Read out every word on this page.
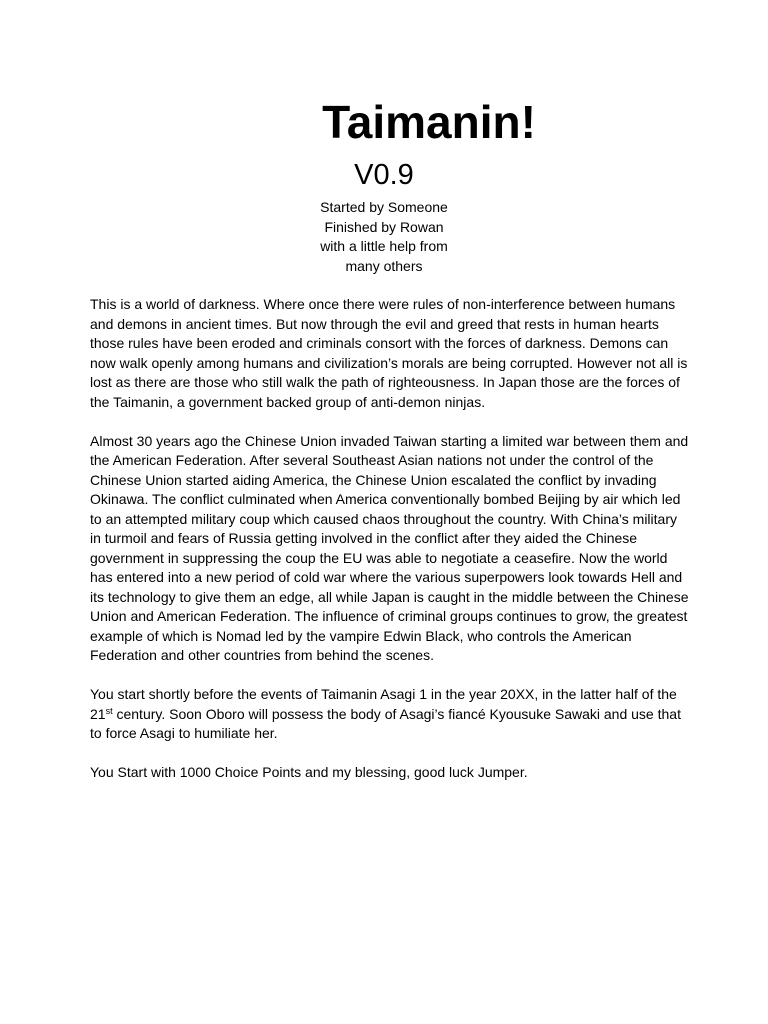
Taimanin!
V0.9
Started by Someone
Finished by Rowan
with a little help from
many others

This is a world of darkness. Where once there were rules of non-interference between humans and demons in ancient times. But now through the evil and greed that rests in human hearts those rules have been eroded and criminals consort with the forces of darkness. Demons can now walk openly among humans and civilization’s morals are being corrupted. However not all is lost as there are those who still walk the path of righteousness. In Japan those are the forces of the Taimanin, a government backed group of anti-demon ninjas.

Almost 30 years ago the Chinese Union invaded Taiwan starting a limited war between them and the American Federation. After several Southeast Asian nations not under the control of the Chinese Union started aiding America, the Chinese Union escalated the conflict by invading Okinawa. The conflict culminated when America conventionally bombed Beijing by air which led to an attempted military coup which caused chaos throughout the country. With China’s military in turmoil and fears of Russia getting involved in the conflict after they aided the Chinese government in suppressing the coup the EU was able to negotiate a ceasefire. Now the world has entered into a new period of cold war where the various superpowers look towards Hell and its technology to give them an edge, all while Japan is caught in the middle between the Chinese Union and American Federation. The influence of criminal groups continues to grow, the greatest example of which is Nomad led by the vampire Edwin Black, who controls the American Federation and other countries from behind the scenes.

You start shortly before the events of Taimanin Asagi 1 in the year 20XX, in the latter half of the 21st century. Soon Oboro will possess the body of Asagi’s fiancé Kyousuke Sawaki and use that to force Asagi to humiliate her.

You Start with 1000 Choice Points and my blessing, good luck Jumper.
